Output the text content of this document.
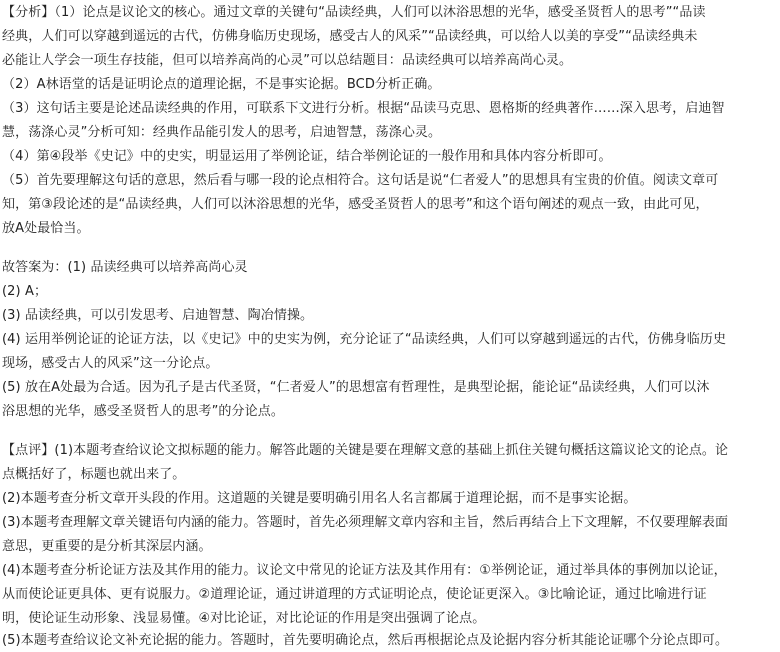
【分析】（1）论点是议论文的核心。通过文章的关键句“品读经典，人们可以沐浴思想的光华，感受圣贤哲人的思考”“品读
经典，人们可以穿越到遥远的古代，仿佛身临历史现场，感受古人的风采”“品读经典，可以给人以美的享受”“品读经典未
必能让人学会一项生存技能，但可以培养高尚的心灵”可以总结题目：品读经典可以培养高尚心灵。
（2）A林语堂的话是证明论点的道理论据，不是事实论据。BCD分析正确。
（3）这句话主要是论述品读经典的作用，可联系下文进行分析。根据“品读马克思、恩格斯的经典著作……深入思考，启迪智
慧，荡涤心灵”分析可知：经典作品能引发人的思考，启迪智慧，荡涤心灵。
（4）第④段举《史记》中的史实，明显运用了举例论证，结合举例论证的一般作用和具体内容分析即可。
（5）首先要理解这句话的意思，然后看与哪一段的论点相符合。这句话是说“仁者爱人”的思想具有宝贵的价值。阅读文章可
知，第③段论述的是“品读经典，人们可以沐浴思想的光华，感受圣贤哲人的思考”和这个语句阐述的观点一致，由此可见，
放A处最恰当。
故答案为：(1) 品读经典可以培养高尚心灵
(2) A；
(3) 品读经典，可以引发思考、启迪智慧、陶冶情操。
(4) 运用举例论证的论证方法，以《史记》中的史实为例，充分论证了“品读经典，人们可以穿越到遥远的古代，仿佛身临历史
现场，感受古人的风采”这一分论点。
(5) 放在A处最为合适。因为孔子是古代圣贤，“仁者爱人”的思想富有哲理性，是典型论据，能论证“品读经典，人们可以沐
浴思想的光华，感受圣贤哲人的思考”的分论点。
【点评】(1)本题考查给议论文拟标题的能力。解答此题的关键是要在理解文意的基础上抓住关键句概括这篇议论文的论点。论
点概括好了，标题也就出来了。
(2)本题考查分析文章开头段的作用。这道题的关键是要明确引用名人名言都属于道理论据，而不是事实论据。
(3)本题考查理解文章关键语句内涵的能力。答题时，首先必须理解文章内容和主旨，然后再结合上下文理解，不仅要理解表面
意思，更重要的是分析其深层内涵。
(4)本题考查分析论证方法及其作用的能力。议论文中常见的论证方法及其作用有：①举例论证，通过举具体的事例加以论证，
从而使论证更具体、更有说服力。②道理论证，通过讲道理的方式证明论点，使论证更深入。③比喻论证，通过比喻进行证
明，使论证生动形象、浅显易懂。④对比论证，对比论证的作用是突出强调了论点。
(5)本题考查给议论文补充论据的能力。答题时，首先要明确论点，然后再根据论点及论据内容分析其能论证哪个分论点即可。
